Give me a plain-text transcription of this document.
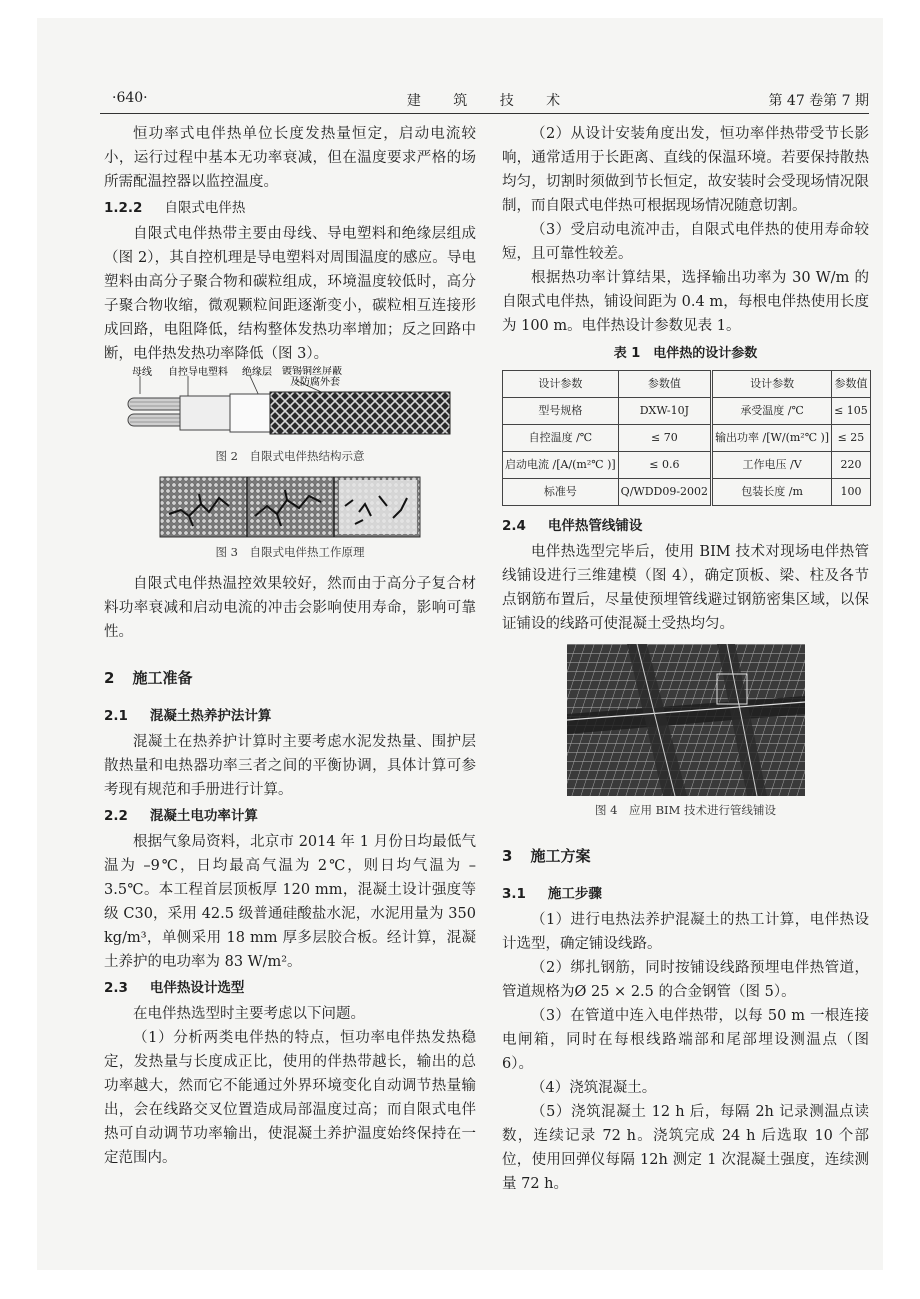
·640·	建 筑 技 术	第 47 卷第 7 期

恒功率式电伴热单位长度发热量恒定，启动电流较小，运行过程中基本无功率衰减，但在温度要求严格的场所需配温控器以监控温度。

1.2.2 自限式电伴热

自限式电伴热带主要由母线、导电塑料和绝缘层组成（图 2），其自控机理是导电塑料对周围温度的感应。导电塑料由高分子聚合物和碳粒组成，环境温度较低时，高分子聚合物收缩，微观颗粒间距逐渐变小，碳粒相互连接形成回路，电阻降低，结构整体发热功率增加；反之回路中断，电伴热发热功率降低（图 3）。

母线 自控导电塑料 绝缘层 镀锡铜丝屏蔽
及防腐外套
图 2　自限式电伴热结构示意
图 3　自限式电伴热工作原理

自限式电伴热温控效果较好，然而由于高分子复合材料功率衰减和启动电流的冲击会影响使用寿命，影响可靠性。

2 施工准备
2.1 混凝土热养护法计算

混凝土在热养护计算时主要考虑水泥发热量、围护层散热量和电热器功率三者之间的平衡协调，具体计算可参考现有规范和手册进行计算。

2.2 混凝土电功率计算

根据气象局资料，北京市 2014 年 1 月份日均最低气温为 –9℃，日均最高气温为 2℃，则日均气温为 –3.5℃。本工程首层顶板厚 120 mm，混凝土设计强度等级 C30，采用 42.5 级普通硅酸盐水泥，水泥用量为 350 kg/m³，单侧采用 18 mm 厚多层胶合板。经计算，混凝土养护的电功率为 83 W/m²。

2.3 电伴热设计选型

在电伴热选型时主要考虑以下问题。

（1）分析两类电伴热的特点，恒功率电伴热发热稳定，发热量与长度成正比，使用的伴热带越长，输出的总功率越大，然而它不能通过外界环境变化自动调节热量输出，会在线路交叉位置造成局部温度过高；而自限式电伴热可自动调节功率输出，使混凝土养护温度始终保持在一定范围内。

（2）从设计安装角度出发，恒功率伴热带受节长影响，通常适用于长距离、直线的保温环境。若要保持散热均匀，切割时须做到节长恒定，故安装时会受现场情况限制，而自限式电伴热可根据现场情况随意切割。

（3）受启动电流冲击，自限式电伴热的使用寿命较短，且可靠性较差。

根据热功率计算结果，选择输出功率为 30 W/m 的自限式电伴热，铺设间距为 0.4 m，每根电伴热使用长度为 100 m。电伴热设计参数见表 1。

表 1　电伴热的设计参数
设计参数	参数值	设计参数	参数值
型号规格	DXW-10J	承受温度 /℃	≤ 105
自控温度 /℃	≤ 70	输出功率 /[W/(m²℃ )]	≤ 25
启动电流 /[A/(m²℃ )]	≤ 0.6	工作电压 /V	220
标准号	Q/WDD09-2002	包装长度 /m	100
2.4 电伴热管线铺设

电伴热选型完毕后，使用 BIM 技术对现场电伴热管线铺设进行三维建模（图 4），确定顶板、梁、柱及各节点钢筋布置后，尽量使预埋管线避过钢筋密集区域，以保证铺设的线路可使混凝土受热均匀。

图 4　应用 BIM 技术进行管线铺设
3 施工方案
3.1 施工步骤

（1）进行电热法养护混凝土的热工计算，电伴热设计选型，确定铺设线路。

（2）绑扎钢筋，同时按铺设线路预埋电伴热管道，管道规格为Ø 25 × 2.5 的合金钢管（图 5）。

（3）在管道中连入电伴热带，以每 50 m 一根连接电闸箱，同时在每根线路端部和尾部埋设测温点（图 6）。

（4）浇筑混凝土。

（5）浇筑混凝土 12 h 后，每隔 2h 记录测温点读数，连续记录 72 h。浇筑完成 24 h 后选取 10 个部位，使用回弹仪每隔 12h 测定 1 次混凝土强度，连续测量 72 h。
